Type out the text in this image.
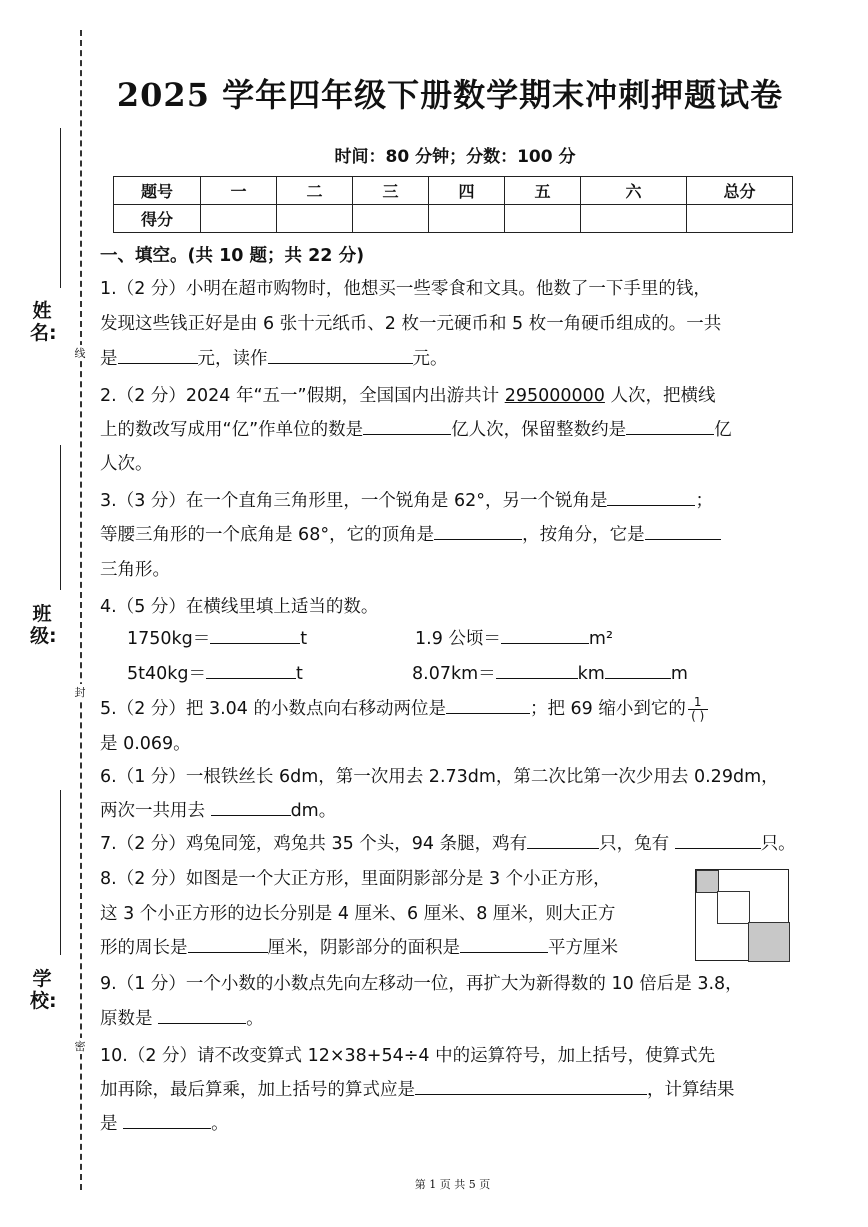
姓名:
班级:
学校:
线
封
密
2025 学年四年级下册数学期末冲刺押题试卷
时间：80 分钟；分数：100 分
题号	一	二	三	四	五	六	总分
得分							
一、填空。(共 10 题；共 22 分)
1.（2 分）小明在超市购物时，他想买一些零食和文具。他数了一下手里的钱，
发现这些钱正好是由 6 张十元纸币、2 枚一元硬币和 5 枚一角硬币组成的。一共
是	元，读作	元。
2.（2 分）2024 年“五一”假期，全国国内出游共计 295000000 人次，把横线
上的数改写成用“亿”作单位的数是	亿人次，保留整数约是	亿
人次。
3.（3 分）在一个直角三角形里，一个锐角是 62°，另一个锐角是	；
等腰三角形的一个底角是 68°，它的顶角是	，按角分，它是
三角形。
4.（5 分）在横线里填上适当的数。
1750kg＝	t	1.9 公顷＝	m²
5t40kg＝	t	8.07km＝	km	m
5.（2 分）把 3.04 的小数点向右移动两位是	；把 69 缩小到它的 $\frac{1}{( )}$
是 0.069。
6.（1 分）一根铁丝长 6dm，第一次用去 2.73dm，第二次比第一次少用去 0.29dm，
两次一共用去	dm。
7.（2 分）鸡兔同笼，鸡兔共 35 个头，94 条腿，鸡有	只，兔有	只。
8.（2 分）如图是一个大正方形，里面阴影部分是 3 个小正方形，
这 3 个小正方形的边长分别是 4 厘米、6 厘米、8 厘米，则大正方
形的周长是	厘米，阴影部分的面积是	平方厘米
9.（1 分）一个小数的小数点先向左移动一位，再扩大为新得数的 10 倍后是 3.8，
原数是	。
10.（2 分）请不改变算式 12×38+54÷4 中的运算符号，加上括号，使算式先
加再除，最后算乘，加上括号的算式应是	，计算结果
是	。
第 1 页 共 5 页
